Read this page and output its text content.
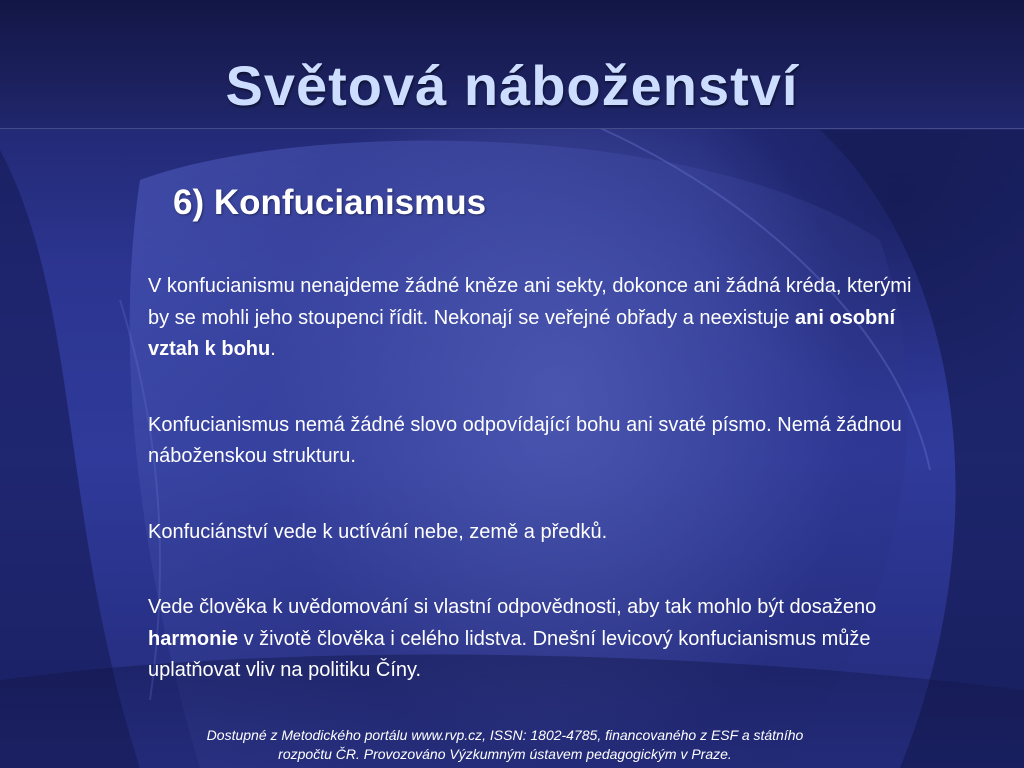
Světová náboženství
6) Konfucianismus

V konfucianismu nenajdeme žádné kněze ani sekty, dokonce ani žádná kréda, kterými by se mohli jeho stoupenci řídit. Nekonají se veřejné obřady a neexistuje ani osobní vztah k bohu.

Konfucianismus nemá žádné slovo odpovídající bohu ani svaté písmo. Nemá žádnou náboženskou strukturu.

Konfuciánství vede k uctívání nebe, země a předků.

Vede člověka k uvědomování si vlastní odpovědnosti, aby tak mohlo být dosaženo harmonie v životě člověka i celého lidstva. Dnešní levicový konfucianismus může uplatňovat vliv na politiku Číny.

Dostupné z Metodického portálu www.rvp.cz, ISSN: 1802-4785, financovaného z ESF a státního
rozpočtu ČR. Provozováno Výzkumným ústavem pedagogickým v Praze.
